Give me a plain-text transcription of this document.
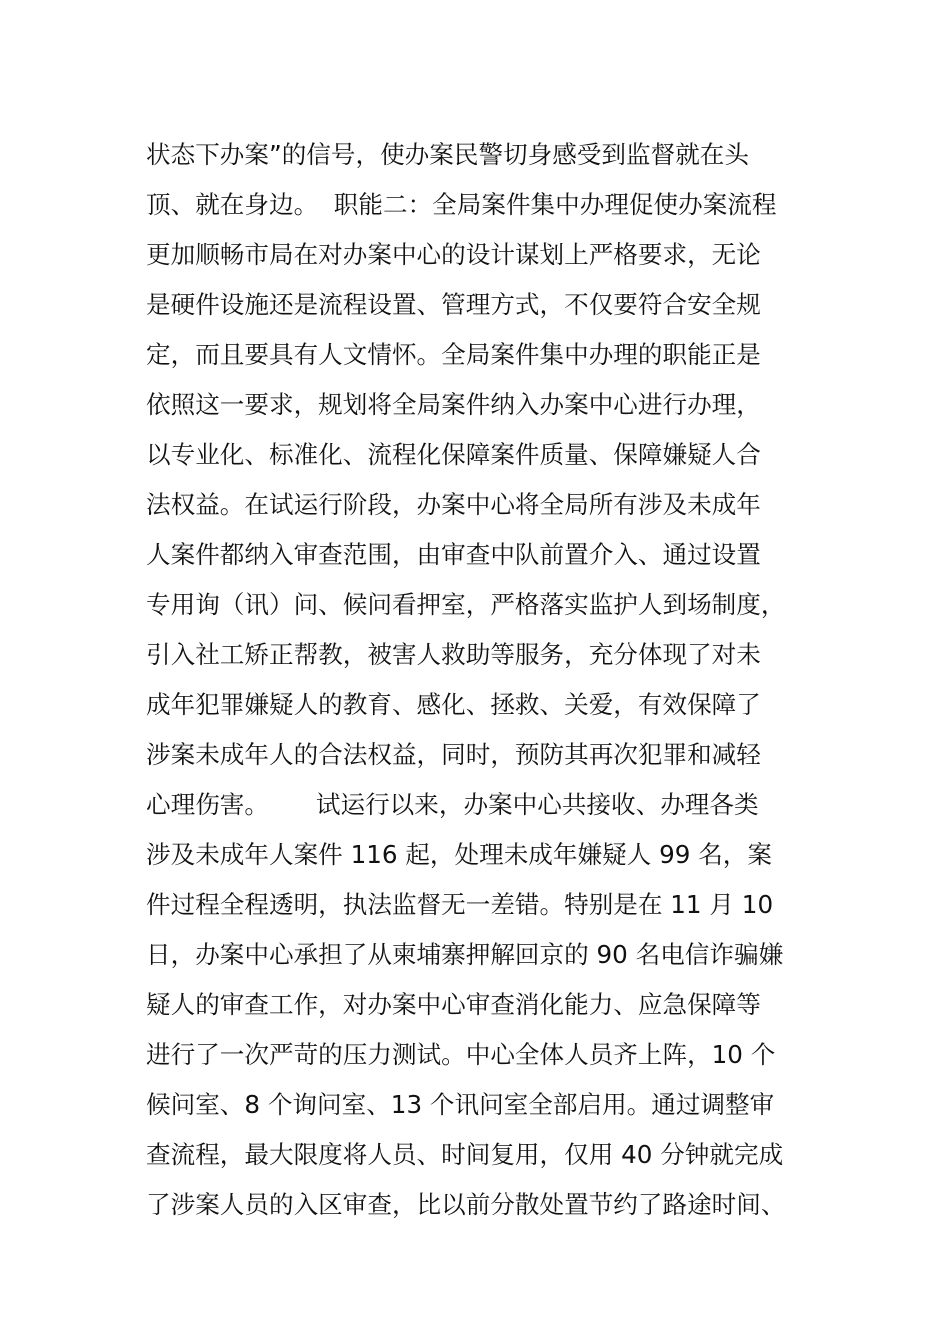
状态下办案”的信号，使办案民警切身感受到监督就在头
顶、就在身边。  职能二：全局案件集中办理促使办案流程
更加顺畅市局在对办案中心的设计谋划上严格要求，无论
是硬件设施还是流程设置、管理方式，不仅要符合安全规
定，而且要具有人文情怀。全局案件集中办理的职能正是
依照这一要求，规划将全局案件纳入办案中心进行办理，
以专业化、标准化、流程化保障案件质量、保障嫌疑人合
法权益。在试运行阶段，办案中心将全局所有涉及未成年
人案件都纳入审查范围，由审查中队前置介入、通过设置
专用询（讯）问、候问看押室，严格落实监护人到场制度，
引入社工矫正帮教，被害人救助等服务，充分体现了对未
成年犯罪嫌疑人的教育、感化、拯救、关爱，有效保障了
涉案未成年人的合法权益，同时，预防其再次犯罪和减轻
心理伤害。      试运行以来，办案中心共接收、办理各类
涉及未成年人案件 116 起，处理未成年嫌疑人 99 名，案
件过程全程透明，执法监督无一差错。特别是在 11 月 10
日，办案中心承担了从柬埔寨押解回京的 90 名电信诈骗嫌
疑人的审查工作，对办案中心审查消化能力、应急保障等
进行了一次严苛的压力测试。中心全体人员齐上阵，10 个
候问室、8 个询问室、13 个讯问室全部启用。通过调整审
查流程，最大限度将人员、时间复用，仅用 40 分钟就完成
了涉案人员的入区审查，比以前分散处置节约了路途时间、
